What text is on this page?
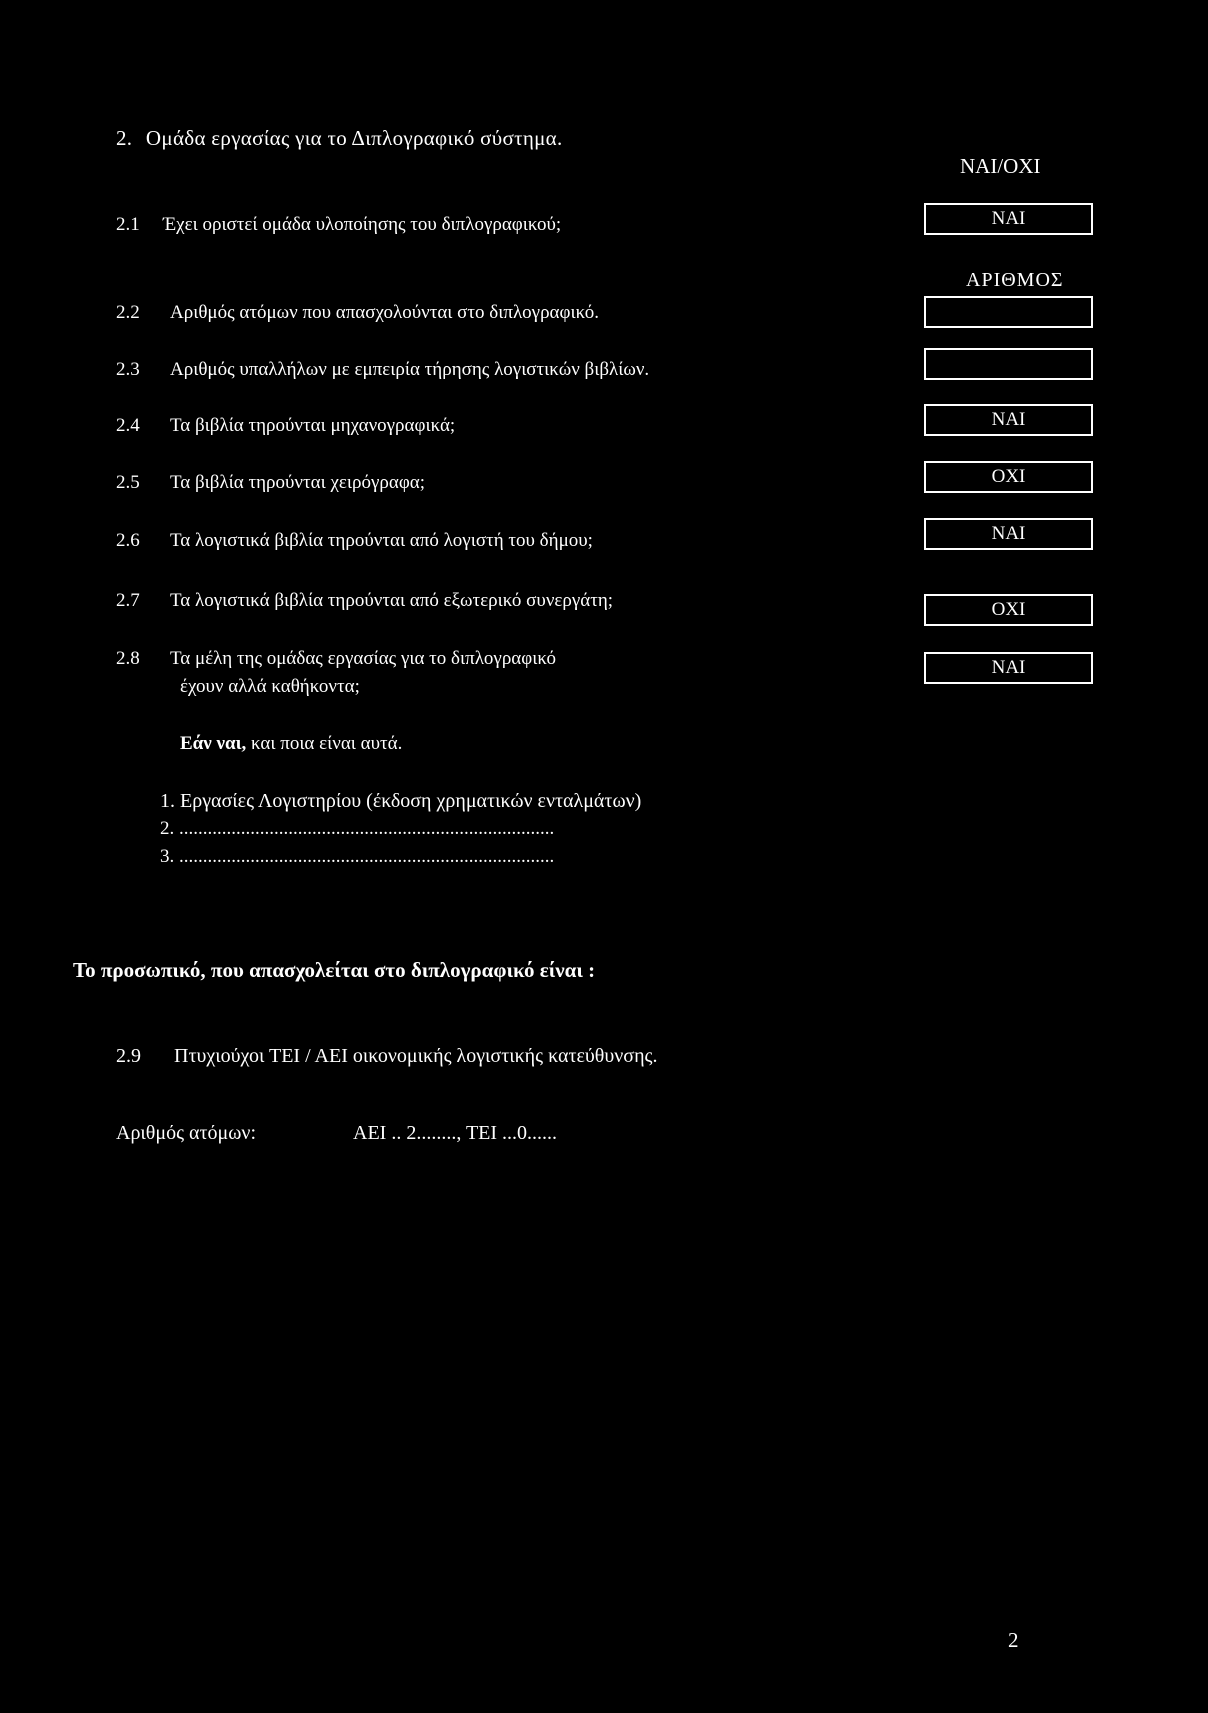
2. Ομάδα εργασίας για το Διπλογραφικό σύστημα.
ΝΑΙ/ΟΧΙ
ΑΡΙΘΜΟΣ
2.1 Έχει οριστεί ομάδα υλοποίησης του διπλογραφικού;	ΝΑΙ
2.2 Αριθμός ατόμων που απασχολούνται στο διπλογραφικό.
2.3 Αριθμός υπαλλήλων με εμπειρία τήρησης λογιστικών βιβλίων.
2.4 Τα βιβλία τηρούνται μηχανογραφικά;	ΝΑΙ
2.5 Τα βιβλία τηρούνται χειρόγραφα;	ΟΧΙ
2.6 Τα λογιστικά βιβλία τηρούνται από λογιστή του δήμου;	ΝΑΙ
2.7 Τα λογιστικά βιβλία τηρούνται από εξωτερικό συνεργάτη;	ΟΧΙ
2.8 Τα μέλη της ομάδας εργασίας για το διπλογραφικό
έχουν αλλά καθήκοντα;
ΝΑΙ
Εάν ναι, και ποια είναι αυτά.
1. Εργασίες Λογιστηρίου (έκδοση χρηματικών ενταλμάτων)
2. ...............................................................................
3. ...............................................................................
Το προσωπικό, που απασχολείται στο διπλογραφικό είναι :
2.9 Πτυχιούχοι ΤΕΙ / ΑΕΙ οικονομικής λογιστικής κατεύθυνσης.
Αριθμός ατόμων:	ΑΕΙ .. 2........, ΤΕΙ ...0......
2
